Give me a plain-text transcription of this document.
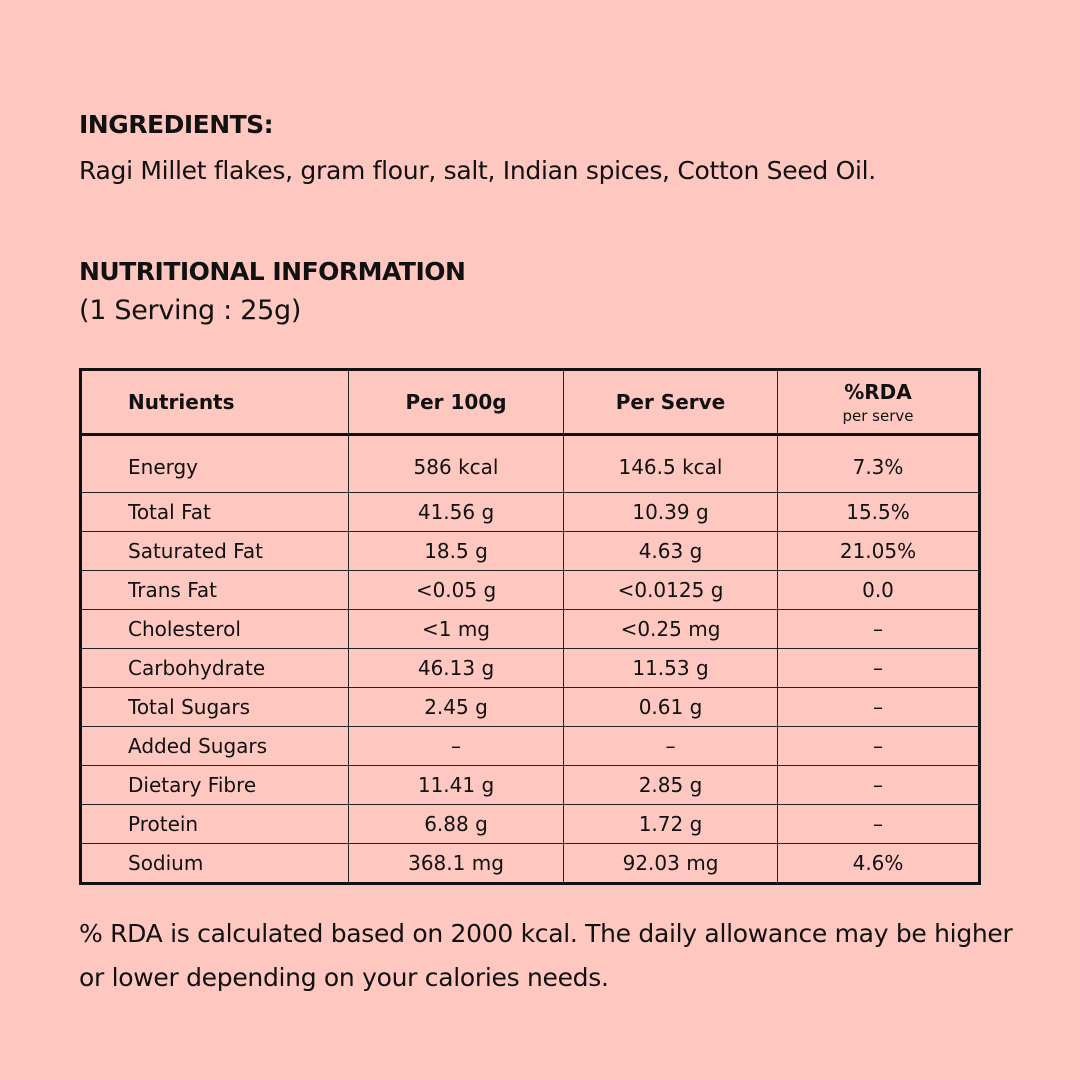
INGREDIENTS:
Ragi Millet flakes, gram flour, salt, Indian spices, Cotton Seed Oil.
NUTRITIONAL INFORMATION
(1 Serving : 25g)
Nutrients	Per 100g	Per Serve	%RDA
per serve

Energy	586 kcal	146.5 kcal	7.3%
Total Fat	41.56 g	10.39 g	15.5%
Saturated Fat	18.5 g	4.63 g	21.05%
Trans Fat	<0.05 g	<0.0125 g	0.0
Cholesterol	<1 mg	<0.25 mg	–
Carbohydrate	46.13 g	11.53 g	–
Total Sugars	2.45 g	0.61 g	–
Added Sugars	–	–	–
Dietary Fibre	11.41 g	2.85 g	–
Protein	6.88 g	1.72 g	–
Sodium	368.1 mg	92.03 mg	4.6%
% RDA is calculated based on 2000 kcal. The daily allowance may be higher or lower depending on your calories needs.
